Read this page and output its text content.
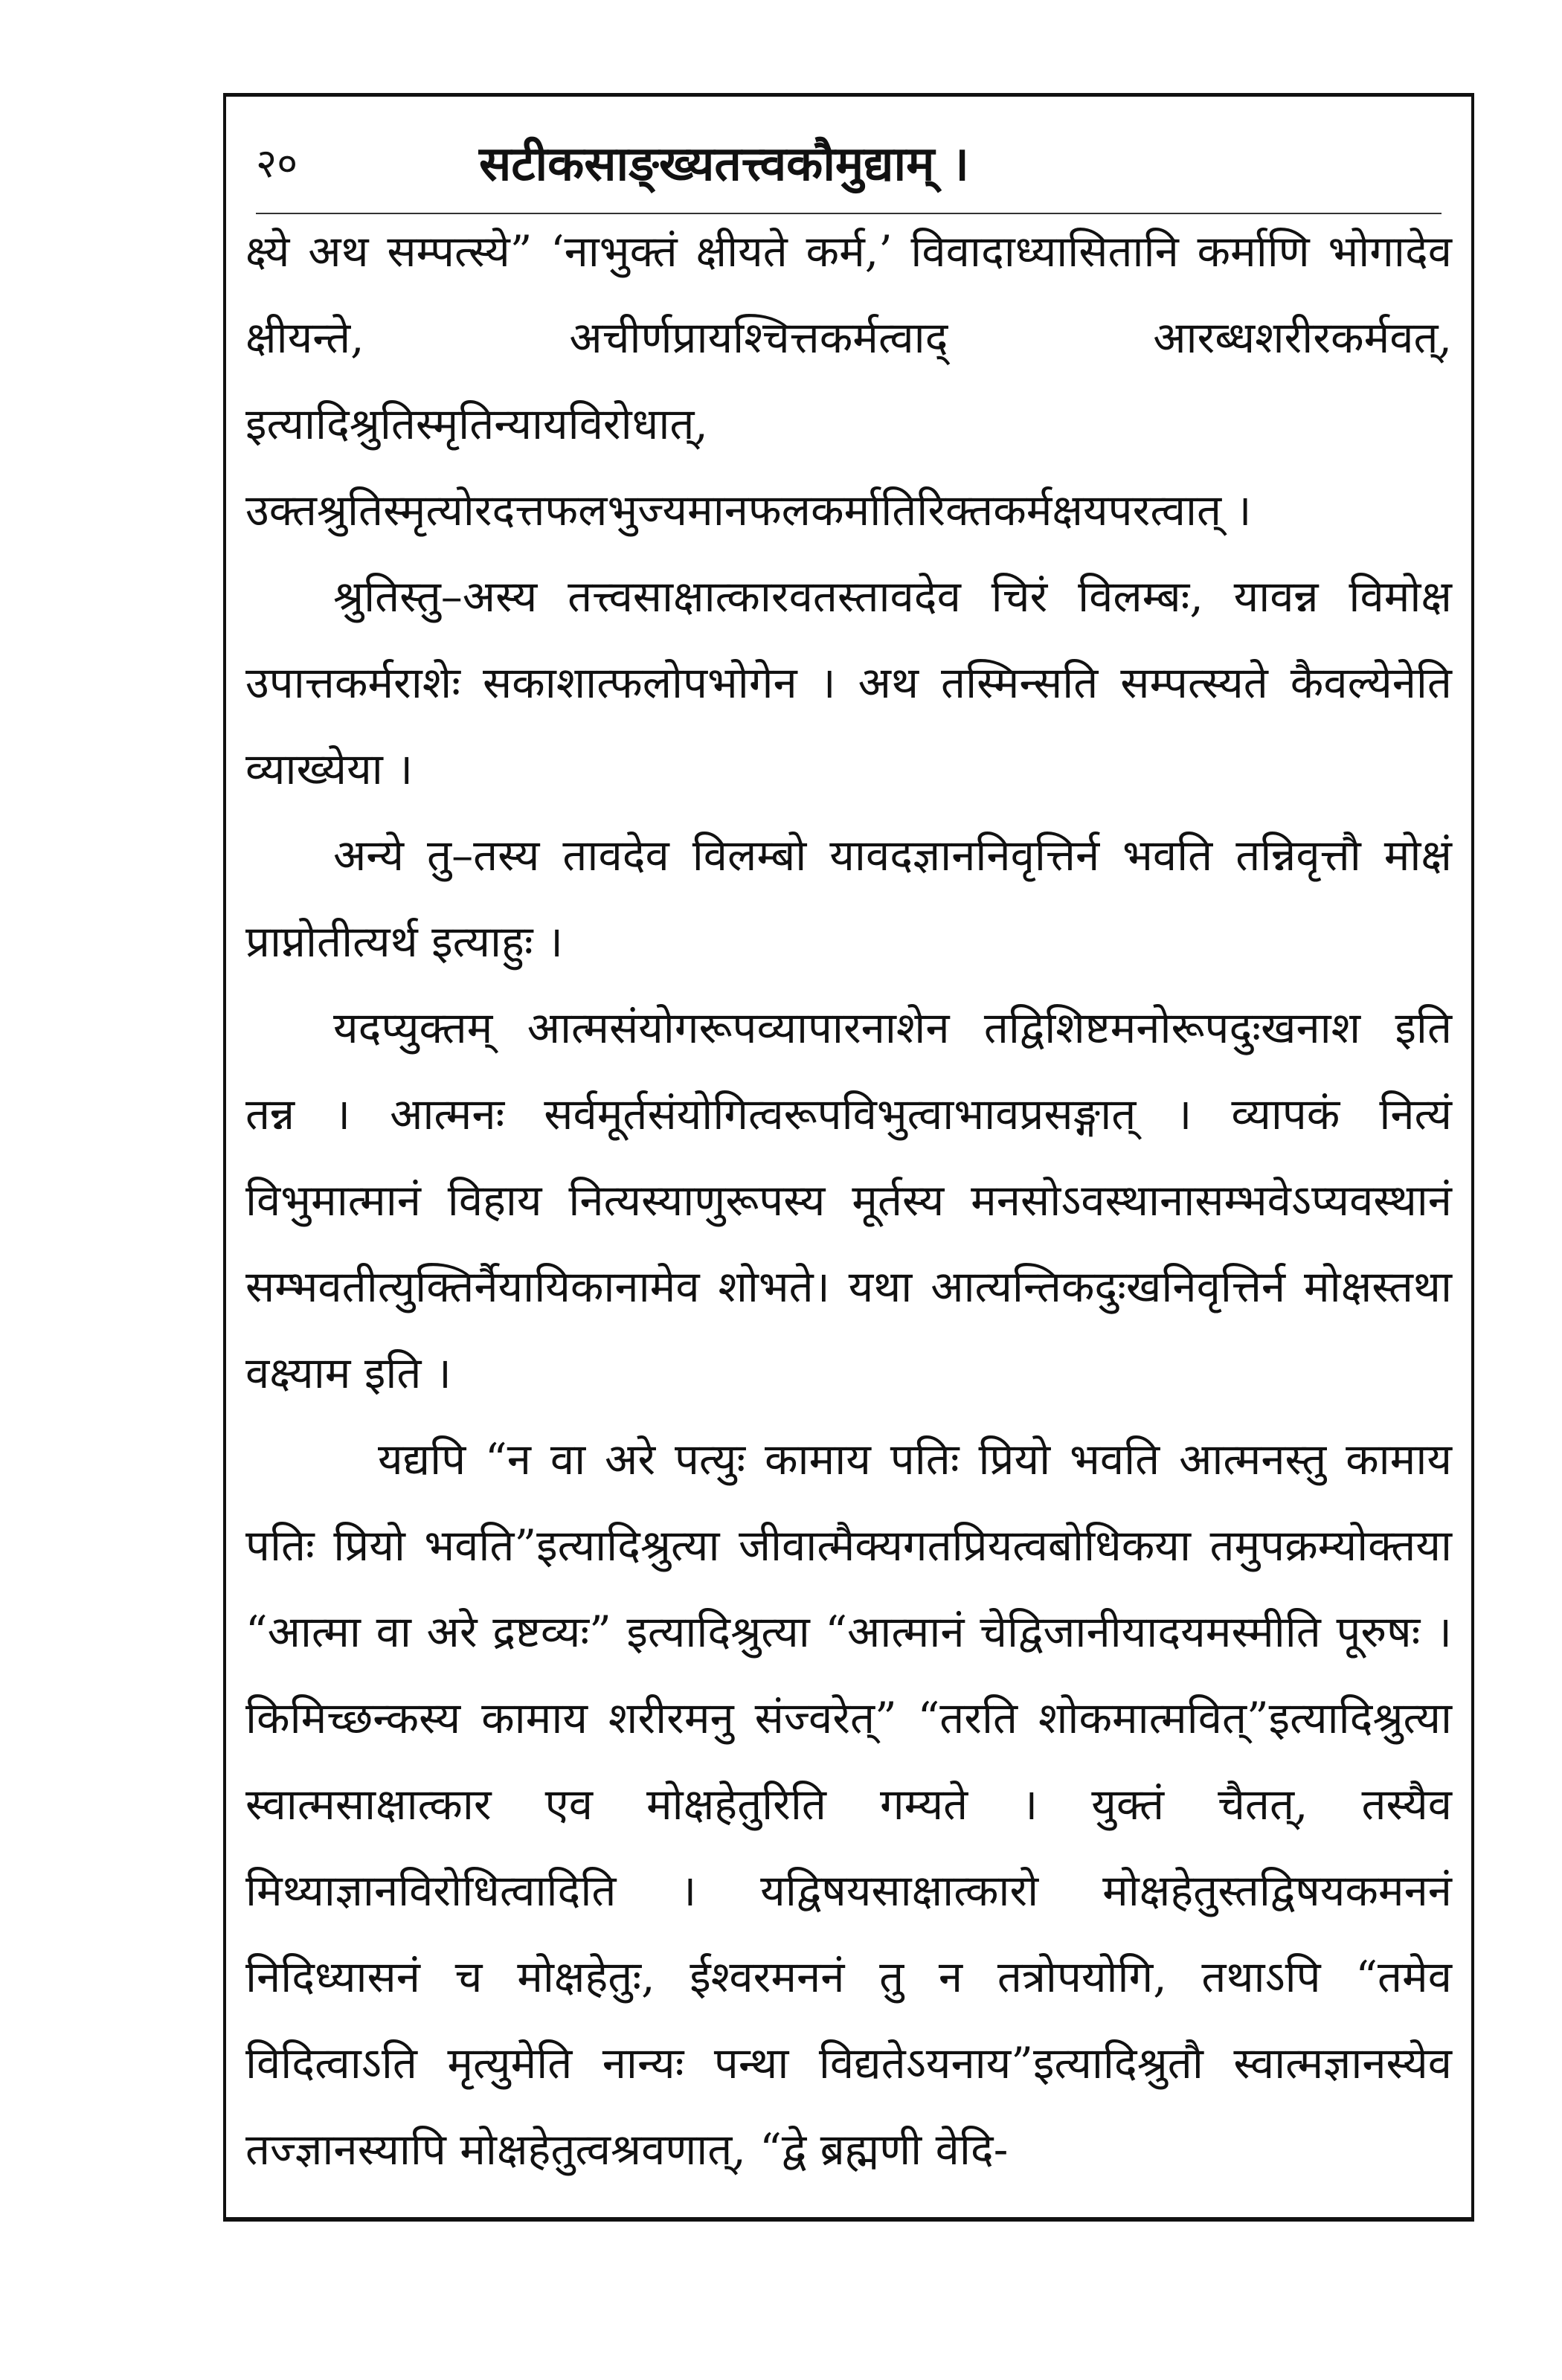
२०	सटीकसाङ्ख्यतत्त्वकौमुद्याम् ।

क्ष्ये अथ सम्पत्स्ये” ‘नाभुक्तं क्षीयते कर्म,’ विवादाध्यासितानि कर्माणि भोगादेव क्षीयन्ते, अचीर्णप्रायश्चित्तकर्मत्वाद् आरब्धशरीरकर्मवत्, इत्यादिश्रुतिस्मृतिन्यायविरोधात्, उक्तश्रुतिस्मृत्योरदत्तफलभुज्यमानफलकर्मातिरिक्तकर्मक्षयपरत्वात् ।

श्रुतिस्तु–अस्य तत्त्वसाक्षात्कारवतस्तावदेव चिरं विलम्बः, यावन्न विमोक्ष उपात्तकर्मराशेः सकाशात्फलोपभोगेन । अथ तस्मिन्सति सम्पत्स्यते कैवल्येनेति व्याख्येया ।

अन्ये तु–तस्य तावदेव विलम्बो यावदज्ञाननिवृत्तिर्न भवति तन्निवृत्तौ मोक्षं प्राप्नोतीत्यर्थ इत्याहुः ।

यदप्युक्तम् आत्मसंयोगरूपव्यापारनाशेन तद्विशिष्टमनोरूपदुःखनाश इति तन्न । आत्मनः सर्वमूर्तसंयोगित्वरूपविभुत्वाभावप्रसङ्गात् । व्यापकं नित्यं विभुमात्मानं विहाय नित्यस्याणुरूपस्य मूर्तस्य मनसोऽवस्थानासम्भवेऽप्यवस्थानं सम्भवतीत्युक्तिर्नैयायिकानामेव शोभते। यथा आत्यन्तिकदुःखनिवृत्तिर्न मोक्षस्तथा वक्ष्याम इति ।

यद्यपि “न वा अरे पत्युः कामाय पतिः प्रियो भवति आत्मनस्तु कामाय पतिः प्रियो भवति”इत्यादिश्रुत्या जीवात्मैक्यगतप्रियत्वबोधिकया तमुपक्रम्योक्तया “आत्मा वा अरे द्रष्टव्यः” इत्यादिश्रुत्या “आत्मानं चेद्विजानीयादयमस्मीति पूरुषः । किमिच्छन्कस्य कामाय शरीरमनु संज्वरेत्” “तरति शोकमात्मवित्”इत्यादिश्रुत्या स्वात्मसाक्षात्कार एव मोक्षहेतुरिति गम्यते । युक्तं चैतत्, तस्यैव मिथ्याज्ञानविरोधित्वादिति । यद्विषयसाक्षात्कारो मोक्षहेतुस्तद्विषयकमननं निदिध्यासनं च मोक्षहेतुः, ईश्वरमननं तु न तत्रोपयोगि, तथाऽपि “तमेव विदित्वाऽति मृत्युमेति नान्यः पन्था विद्यतेऽयनाय”इत्यादिश्रुतौ स्वात्मज्ञानस्येव तज्ज्ञानस्यापि मोक्षहेतुत्वश्रवणात्, “द्वे ब्रह्मणी वेदि-
